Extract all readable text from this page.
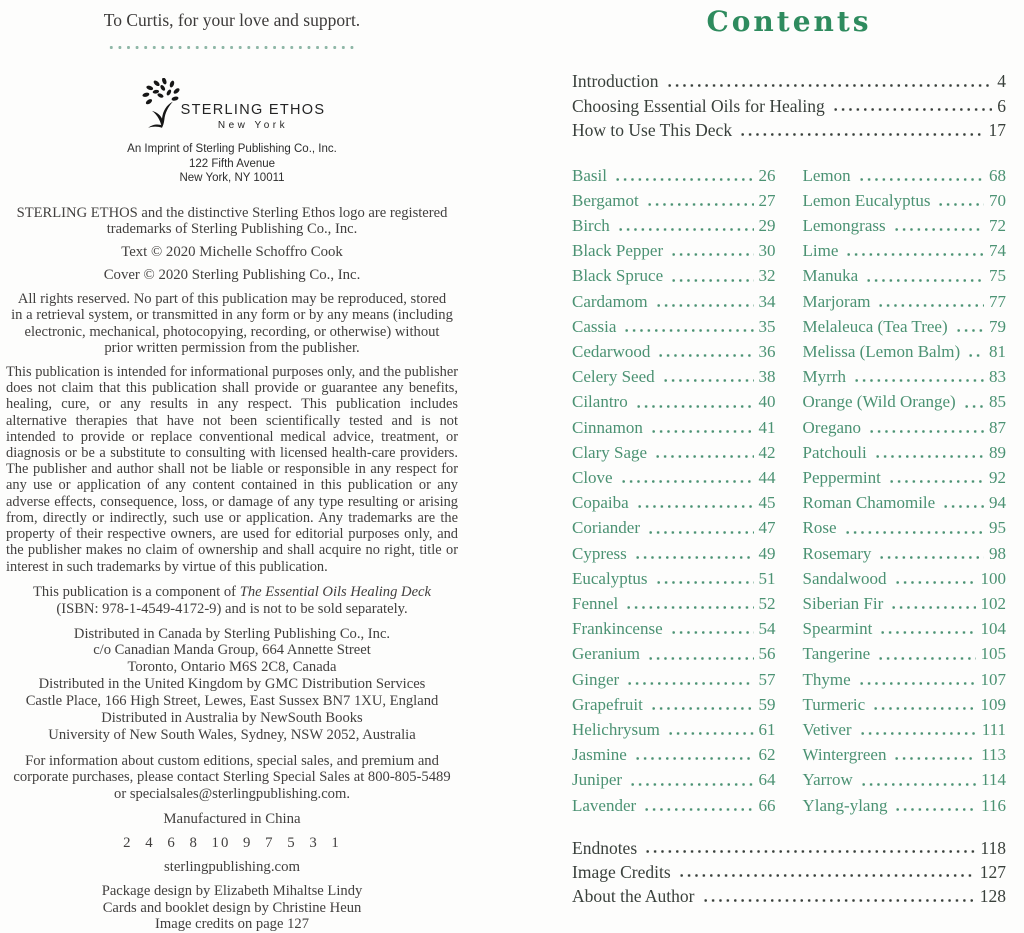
To Curtis, for your love and support.
STERLING ETHOS
New York
An Imprint of Sterling Publishing Co., Inc.
122 Fifth Avenue
New York, NY 10011

STERLING ETHOS and the distinctive Sterling Ethos logo are registered trademarks of Sterling Publishing Co., Inc.

Text © 2020 Michelle Schoffro Cook
Cover © 2020 Sterling Publishing Co., Inc.

All rights reserved. No part of this publication may be reproduced, stored in a retrieval system, or transmitted in any form or by any means (including electronic, mechanical, photocopying, recording, or otherwise) without prior written permission from the publisher.

This publication is intended for informational purposes only, and the publisher does not claim that this publication shall provide or guarantee any benefits, healing, cure, or any results in any respect. This publication includes alternative therapies that have not been scientifically tested and is not intended to provide or replace conventional medical advice, treatment, or diagnosis or be a substitute to consulting with licensed health-care providers. The publisher and author shall not be liable or responsible in any respect for any use or application of any content contained in this publication or any adverse effects, consequence, loss, or damage of any type resulting or arising from, directly or indirectly, such use or application. Any trademarks are the property of their respective owners, are used for editorial purposes only, and the publisher makes no claim of ownership and shall acquire no right, title or interest in such trademarks by virtue of this publication.

This publication is a component of The Essential Oils Healing Deck
(ISBN: 978-1-4549-4172-9) and is not to be sold separately.
Distributed in Canada by Sterling Publishing Co., Inc.
c/o Canadian Manda Group, 664 Annette Street
Toronto, Ontario M6S 2C8, Canada
Distributed in the United Kingdom by GMC Distribution Services
Castle Place, 166 High Street, Lewes, East Sussex BN7 1XU, England
Distributed in Australia by NewSouth Books
University of New South Wales, Sydney, NSW 2052, Australia

For information about custom editions, special sales, and premium and corporate purchases, please contact Sterling Special Sales at 800-805-5489 or specialsales@sterlingpublishing.com.

Manufactured in China
2 4 6 8 10 9 7 5 3 1
sterlingpublishing.com
Package design by Elizabeth Mihaltse Lindy
Cards and booklet design by Christine Heun
Image credits on page 127
Contents
Introduction	4
Choosing Essential Oils for Healing	6
How to Use This Deck	17
Basil	26
Bergamot	27
Birch	29
Black Pepper	30
Black Spruce	32
Cardamom	34
Cassia	35
Cedarwood	36
Celery Seed	38
Cilantro	40
Cinnamon	41
Clary Sage	42
Clove	44
Copaiba	45
Coriander	47
Cypress	49
Eucalyptus	51
Fennel	52
Frankincense	54
Geranium	56
Ginger	57
Grapefruit	59
Helichrysum	61
Jasmine	62
Juniper	64
Lavender	66
Lemon	68
Lemon Eucalyptus	70
Lemongrass	72
Lime	74
Manuka	75
Marjoram	77
Melaleuca (Tea Tree) 79
Melissa (Lemon Balm) 81
Myrrh	83
Orange (Wild Orange) 85
Oregano	87
Patchouli	89
Peppermint	92
Roman Chamomile	94
Rose	95
Rosemary	98
Sandalwood	100
Siberian Fir	102
Spearmint	104
Tangerine	105
Thyme	107
Turmeric	109
Vetiver	111
Wintergreen	113
Yarrow	114
Ylang-ylang	116
Endnotes	118
Image Credits	127
About the Author	128
